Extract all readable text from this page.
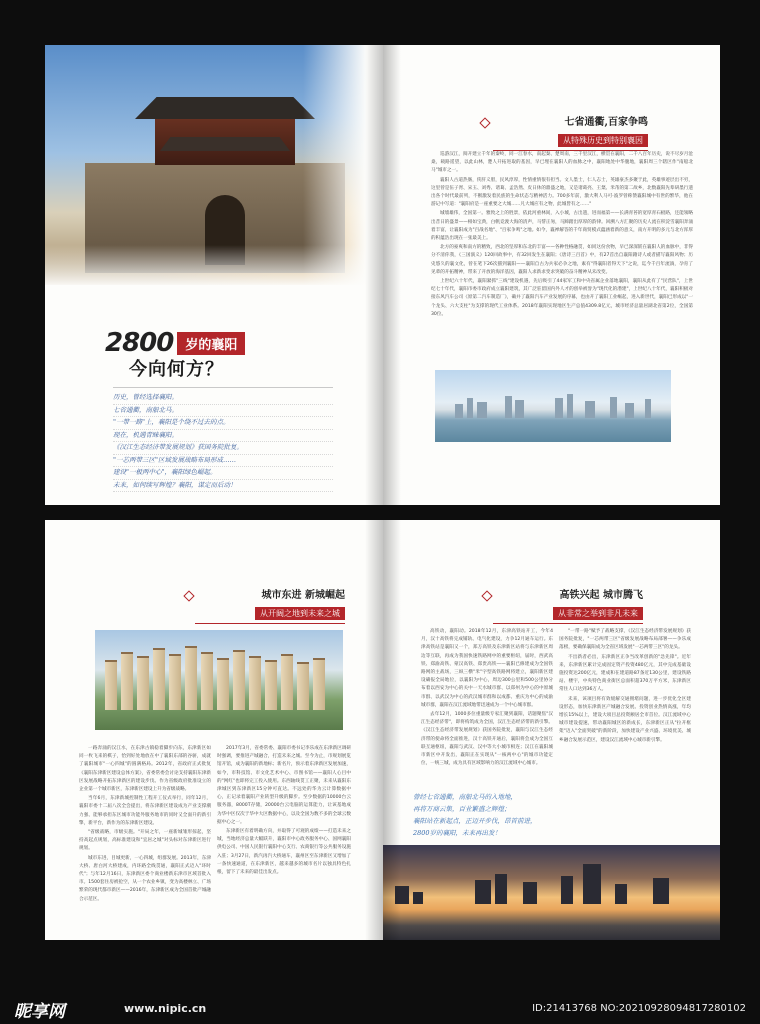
2800 岁的襄阳
今向何方？
历史，曾经选择襄阳。
七省通衢，南船北马。
"一带一路"上，襄阳是个绕不过去的点。
现在，机遇青睐襄阳。
《汉江生态经济带发展规划》获国务院批复。
"一芯两带三区"区域发展战略布局形成……
建设"一极两中心"，襄阳绿色崛起。
未来，如何续写辉煌？襄阳，谋定而后动！
七省通衢,百家争鸣
从特殊历史到特别襄因

巡游汉江，阅开建立千年的秦岭，同一江春水，南起秦、楚周南，三千里汉江，横贯在襄阳，二千八百年历史，说不尽岁月沧桑，载路遥望，以此山林，楚人开拓进取的基因，早已埋在襄阳人的血脉之中，襄阳地处中华腹地，襄阳周三个辖区作"南船北马"城市之一。

襄阳人古道热肠，侠肝义胆，民风淳厚，性情重情很有担当。文人墨士，仁人志士，英雄豪杰多聚于此，英雄事迹层出不穷，这里曾是伍子胥、宋玉、刘秀、诸葛、孟浩然、皮日休的鼎盛之地，又是诸葛亮、王粲、米芾的第二故乡，北数襄阳先辈研墨行遗出各个时代最前列，不断激发着民族的生命状态与精神活力。700多年前，激大利人马可·波罗曾称赞襄阳城中有世的繁华，他在游记中写道："襄阳府是一座重要之大城……凡大城应有之物，此城皆有之……"

城墙雄伟，全国第一。雅致之上的胜景，依此河重林间，入小城，古出遗，进而福第——长满青苔的宽厚青石板路，还能领略出昔日的盛景——相如宝典，白帆竞渡大海的清声，马帮正匆，马蹄踏出厚厚的韵律。回溯八方汇聚的历史人流在积淀雪襄阳奔涌着丰富，让襄阳成为"百战名地"、"百家争鸣"之地。如今，襄禅解答的千年商贸模式蕴涵着新的意义，南方开明的多元与北方浑厚的积蕴浩出现在一张最美上。

北方的豪爽和南方的精致，西北的坚厚和东北的丰富——各种性格融贯，如同这份食物，早已深深嵌在襄阳人的血脉中，非得分不清你我，《三国演义》120回故事中，有32回发生在襄阳；《唐诗三百首》中，有27首出自襄阳籍诗人或者描写襄阳风物；历史悠久的襄文化，曾在笔下26次描到襄阳——襄阳自古为兵家必争之地，素有"得襄阳者得天下"之说，迄今千百年流淌，孕育了见辈的开拓精神，带来了开放的海洋基因，襄阳人求新求变求突破的奋斗精神从未改变。

上世纪六十年代，襄阳紧抓"三线"建设机遇，先后吸引了44家军工和中央省属企业落地襄阳，襄阳从此有了"民营队"，上世纪七十年代，襄阳市委市政府成立襄阳建筑，其广泛驻留国内外人才的创举被誉为"现代化的潜建"，上世纪八十年代，襄阳积极对接东风汽车公司《原第二汽车制造厂》，确并了襄阳汽车产业发展的序幕，也由开了襄阳工业崛起，进入新世代，襄阳已形成以"一个龙头、六大支柱"为支撑的现代工业体系。2018年襄阳实现地区生产总值4309.8亿元，城市经济总量居湖北省第2位，全国第30位。

城市东进 新城崛起
从开阔之地到未来之城

一路奔涌的汉江水，在东津古镇稳着脚步向东，东津新区如同一枚飞来的棋子，恰到好处地放在中了襄阳东部的谷骈，成就了襄阳城市"一心四城"的圆满格局。2012年，省政府正式批复《襄阳东津新区建设总体方案》，省委常委会讨论支持襄阳东津新区发展战略开拓东津新区的建设步伐。作为省级政府批准设立的企业第一个城市新区，东津新区建设上升为省级战略。

当年6月，东津新城控制性工程开工仪式举行，同年12月，襄阳市委十二届八次全会提出，将东津新区建设成为产业支撑潮力强、能够承担东区城市功能外服务地市的同时又全面升的新引擎，新平台，新作为的东津新区建设。

"省级战略，市级实施。"开局之年，一座新城雏形掠起，坚持高起点规划，高标准建设和"宜居之城"对头标对东津新区进行规划。

城市东进，目城更新，一心四城，组群发展。2013年，东津大桥、唐白河大桥建成，内环路全线贯通，襄阳正式迈入"环时代"；与年12月16日，东津新区委个商业楼新东津市区域首批入市。1500套住房被抢空，从一个农业乡镇，变为高楼林立、广场繁荣的现代都市新区——2016年，东津新区成为全国首批产城融合示范区。

2017年3月，省委常委、襄阳市委书记李乐成在东津新区调研时强调，要推进产城融合，打造未来之城。至今为止，市规划展览馆开馆，成为襄阳的新地标；新名片，预示着东津新区发展加速，如今，市科技馆、市文化艺术中心、市图书馆——襄阳人心目中的"网红"也即将完工投入使用。东西轴线贯工正聚，未来从襄阳东津城区到东津新区15分钟可直达。不远处的华为云计算数据中心，正记录着襄阳产业转型升级的脚步。至少数据的10000台云服务器，8000T存储，20000台云电脑的运算能力，让该基地成为华中区仅次于华中大区数据中心，以及全国为数不多的全球云数据中心之一。

东津新区有着明确方向，并取得了可观的成绩——打造未来之城，当地经济总量大幅跃升，襄阳市中心政务服务中心、国网襄阳供电公司、中国人民银行襄阳中心支行、农商银行等公共服务设施入驻；3月27日，新汽再汽大桥通车，襄州区至东津新区又增加了一条快速通道，在东津新区，越来越多的城市名片以独具特色扎根，留下了未来的最佳出发点。

高铁兴起 城市腾飞
从非常之举到非凡未来

高铁动，襄阳动。2018年12月，东津高铁站开工，今年4月，汉十高铁将完成铺轨、电气化建设，力争12月通车运行。东津高铁站是襄阳又一个，郑万高铁及东津新区站将与东津新区周边等互联，再成为我国快速铁路网中的重要枢纽，届时，西武高铁、郑渝高铁、蒙汉高铁、郑贵高铁——襄阳已修建成为全国铁路网的主战场，三纵三横"米"字型高铁路网将建立，襄阳新区建设确报全局地位，以襄阳为中心，周边300公里和500公里协分布着以西安为中心的关中一天水城市群、以郑州为中心的中原城市群、以武汉为中心的武汉城市群和以成都、重庆为中心的成渝城市群，襄阳在汉江流域地带迅速成为一个中心城市群。

去年12月，1000多位重量级专家汇聚到襄阳，话题聚焦"汉江生态经济带"，即将构筑成为全国，汉江生态经济带的新引擎。《汉江生态经济带发展规划》获国务院批复，襄阳与汉江生态经济带的使命将全面推进，汉十高铁开通后，襄阳将会成为全国互联互通枢纽，襄阳与武汉、汉中等大小城市相连；汉江在襄阳城市新区中开发出，襄阳正在实现从"一核两中心"的城市功能定位，一统三城，成为具有区域影响力的汉江流域中心城市。

"一带一路"赋予了战略支撑，《汉江生态经济带发展规划》获国务院批复，"一芯两带三区"省级发展战略布局部署——争乐成落榜，要确保襄阳成为全省区域发展"一芯两带三区"的龙头。

不出新者必出，东津新区正争当改革创新的"急先锋"。近年来，东津新区累计完成固定资产投资480亿元，其中完成基础设施投资达200亿元，建成和在建道路87条近130公里，建设铁路站、楼宇，中央特色商业街区总面积超370万平方米，东津新区常住人口达到36万人。

未来，该项目将有效缓解交通拥堵问题，进一步优化全区建设形态，加快东津新区产城融合发展。投资创业热情高涨，年均增长15%以上，建设大项目总投资额居全市首位。汉江流域中心城市建设提速，带动襄阳城区的新成长，东津新区正从"拉开框架"迈入"全面突破"的新阶段，加快建设产业兴盛、环境优美、城乡融合发展示范区，建设汉江流域中心城市新引擎。

曾经七省通衢，南船北马的入地地，
再将万商云集，百业繁盛之辉煌；
襄阳站在新起点，正迈开步伐，昂首前进，
2800岁的襄阳，未来再出发！
昵享网	www.nipic.cn	ID:21413768 NO:20210928094817280102
